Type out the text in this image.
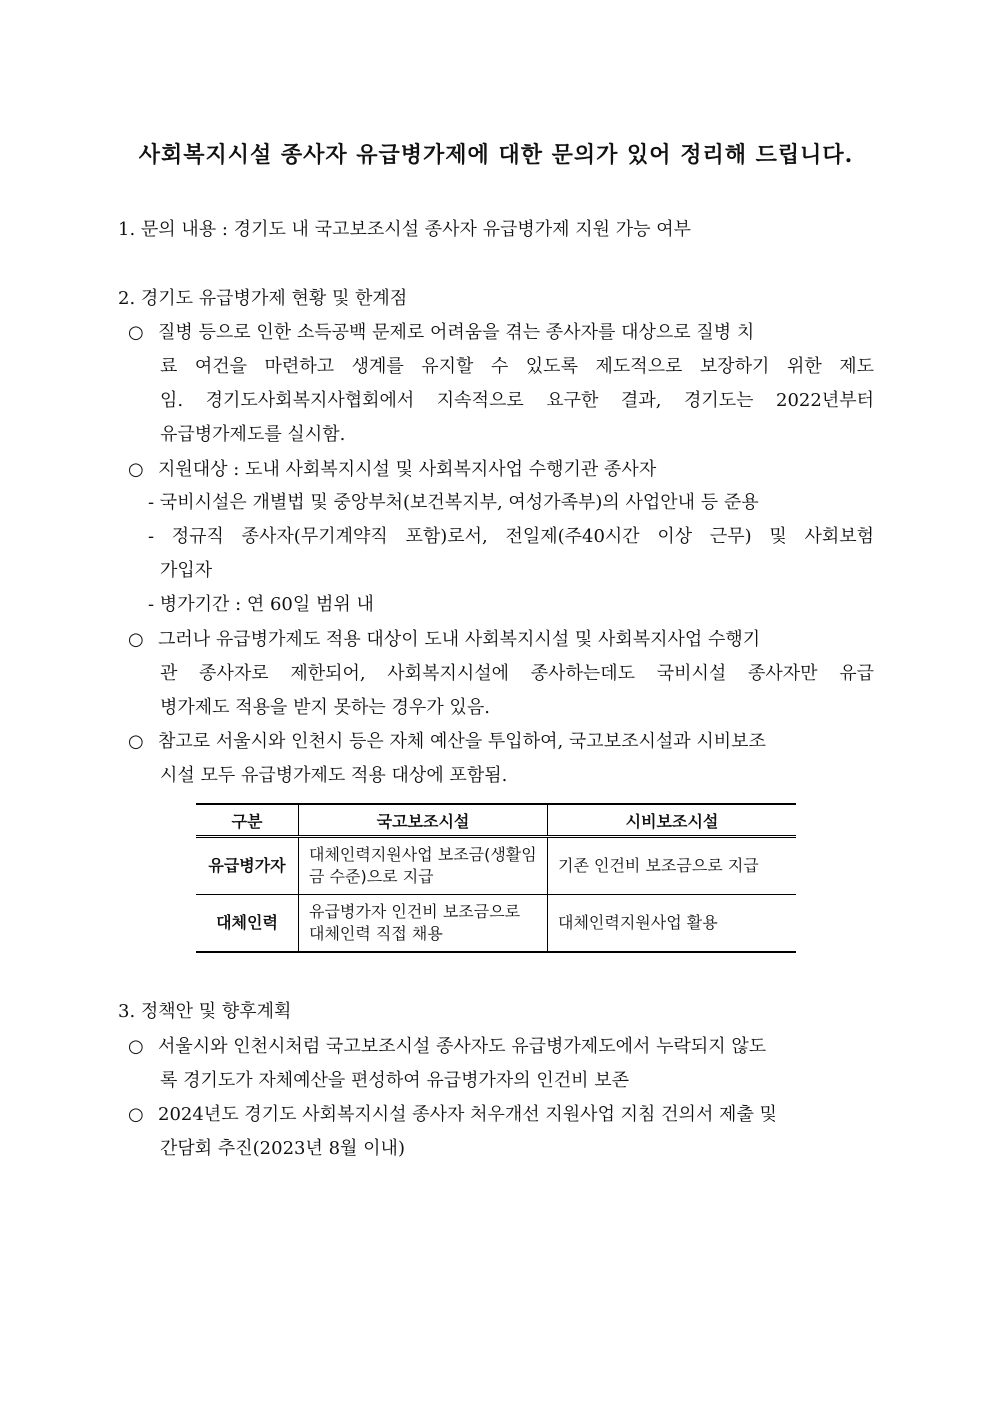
사회복지시설 종사자 유급병가제에 대한 문의가 있어 정리해 드립니다.
1. 문의 내용 : 경기도 내 국고보조시설 종사자 유급병가제 지원 가능 여부
2. 경기도 유급병가제 현황 및 한계점
○ 질병 등으로 인한 소득공백 문제로 어려움을 겪는 종사자를 대상으로 질병 치
료 여건을 마련하고 생계를 유지할 수 있도록 제도적으로 보장하기 위한 제도
임. 경기도사회복지사협회에서 지속적으로 요구한 결과, 경기도는 2022년부터
유급병가제도를 실시함.
○ 지원대상 : 도내 사회복지시설 및 사회복지사업 수행기관 종사자
- 국비시설은 개별법 및 중앙부처(보건복지부, 여성가족부)의 사업안내 등 준용
- 정규직 종사자(무기계약직 포함)로서, 전일제(주40시간 이상 근무) 및 사회보험
가입자
- 병가기간 : 연 60일 범위 내
○ 그러나 유급병가제도 적용 대상이 도내 사회복지시설 및 사회복지사업 수행기
관 종사자로 제한되어, 사회복지시설에 종사하는데도 국비시설 종사자만 유급
병가제도 적용을 받지 못하는 경우가 있음.
○ 참고로 서울시와 인천시 등은 자체 예산을 투입하여, 국고보조시설과 시비보조
시설 모두 유급병가제도 적용 대상에 포함됨.
구분	국고보조시설	시비보조시설
유급병가자	대체인력지원사업 보조금(생활임금 수준)으로 지급	기존 인건비 보조금으로 지급
대체인력	유급병가자 인건비 보조금으로 대체인력 직접 채용	대체인력지원사업 활용
3. 정책안 및 향후계획
○ 서울시와 인천시처럼 국고보조시설 종사자도 유급병가제도에서 누락되지 않도
록 경기도가 자체예산을 편성하여 유급병가자의 인건비 보존
○ 2024년도 경기도 사회복지시설 종사자 처우개선 지원사업 지침 건의서 제출 및
간담회 추진(2023년 8월 이내)
